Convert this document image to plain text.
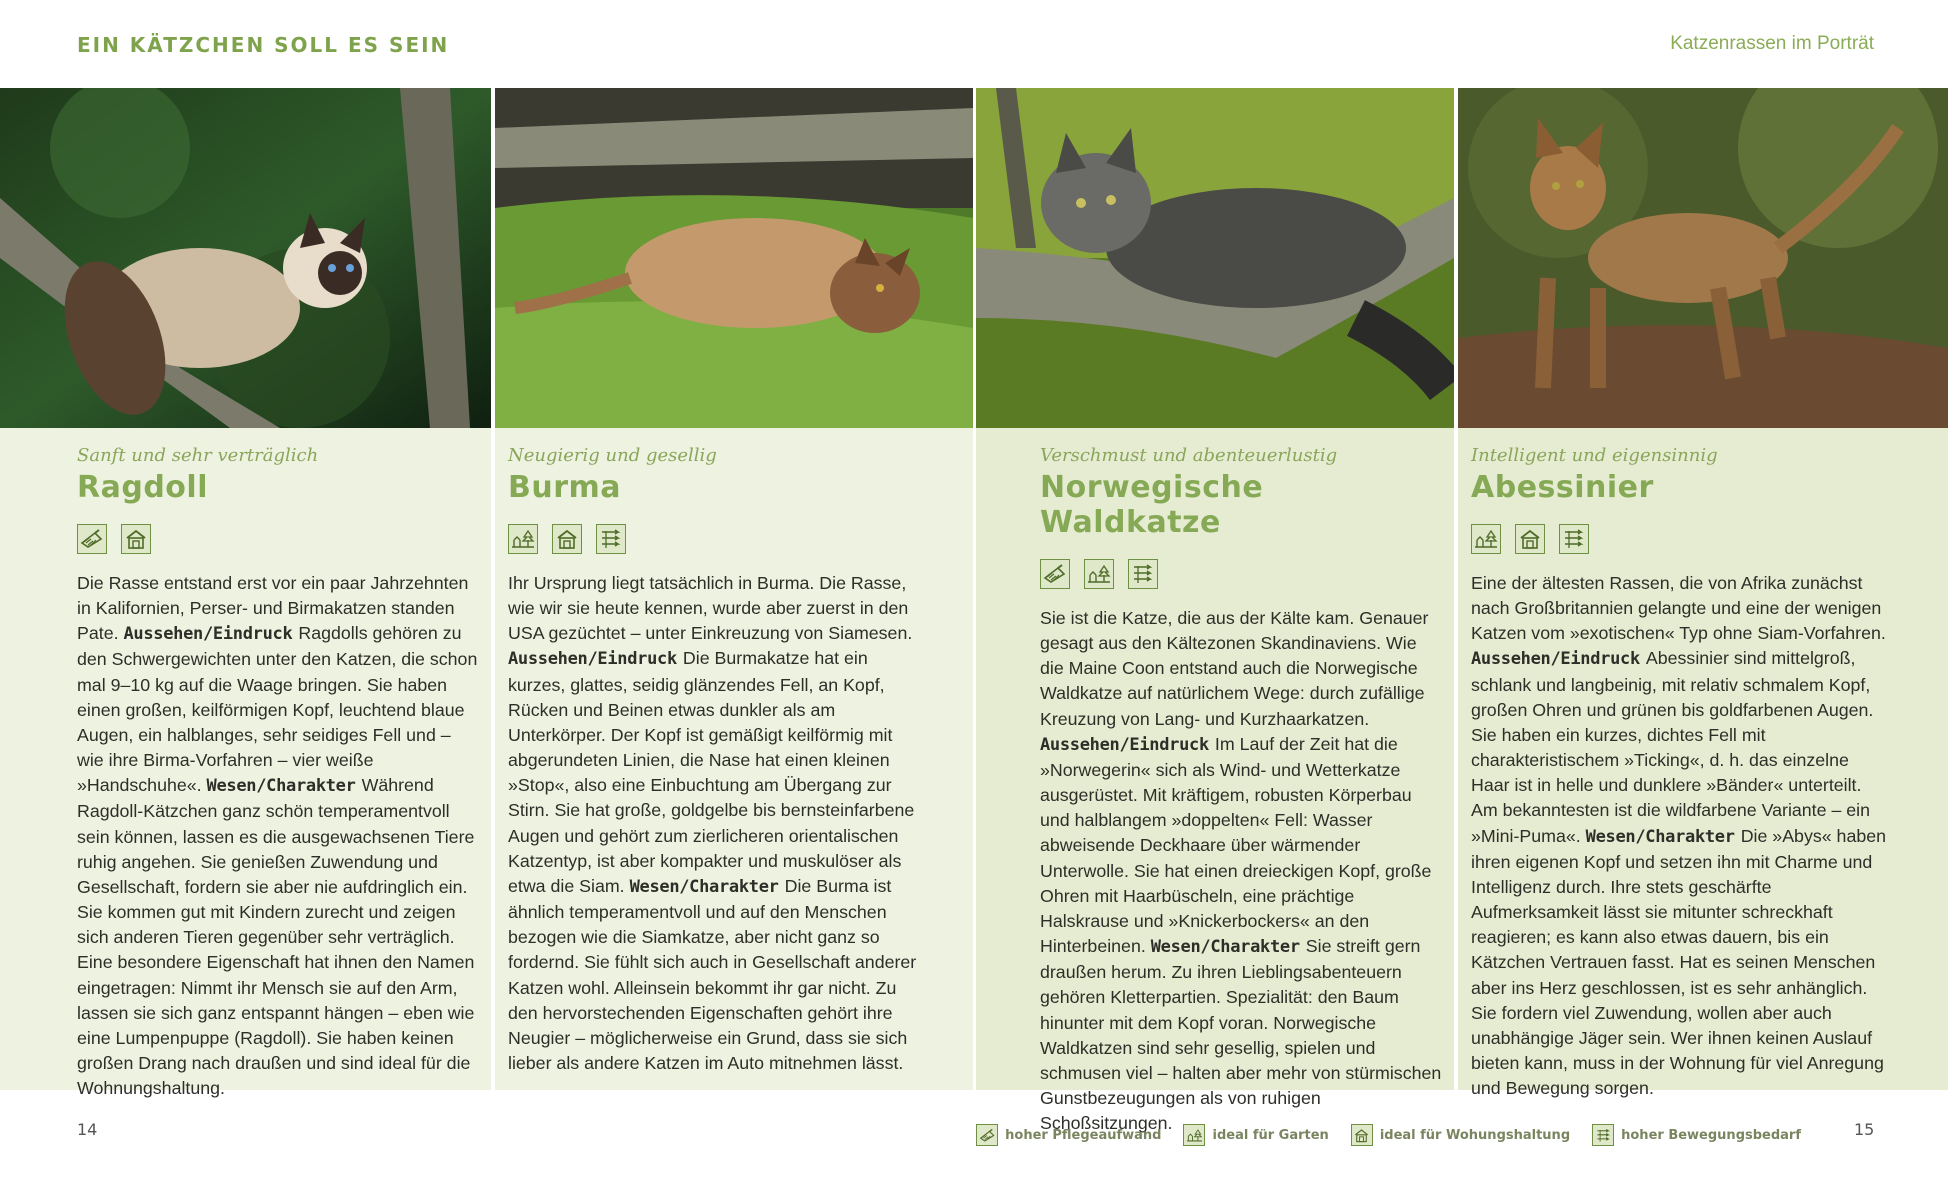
EIN KÄTZCHEN SOLL ES SEIN	Katzenrassen im Porträt
Sanft und sehr verträglich
Ragdoll

Die Rasse entstand erst vor ein paar Jahrzehnten in Kalifornien, Perser- und Birmakatzen standen Pate. Aussehen/Eindruck Ragdolls gehören zu den Schwergewichten unter den Katzen, die schon mal 9–10 kg auf die Waage bringen. Sie haben einen großen, keilförmigen Kopf, leuchtend blaue Augen, ein halblanges, sehr seidiges Fell und – wie ihre Birma-Vorfahren – vier weiße »Handschuhe«. Wesen/Charakter Während Ragdoll-Kätzchen ganz schön temperamentvoll sein können, lassen es die ausgewachsenen Tiere ruhig angehen. Sie genießen Zuwendung und Gesellschaft, fordern sie aber nie aufdringlich ein. Sie kommen gut mit Kindern zurecht und zeigen sich anderen Tieren gegenüber sehr verträglich. Eine besondere Eigenschaft hat ihnen den Namen eingetragen: Nimmt ihr Mensch sie auf den Arm, lassen sie sich ganz entspannt hängen – eben wie eine Lumpenpuppe (Ragdoll). Sie haben keinen großen Drang nach draußen und sind ideal für die Wohnungshaltung.

Neugierig und gesellig
Burma

Ihr Ursprung liegt tatsächlich in Burma. Die Rasse, wie wir sie heute kennen, wurde aber zuerst in den USA gezüchtet – unter Einkreuzung von Siamesen. Aussehen/Eindruck Die Burmakatze hat ein kurzes, glattes, seidig glänzendes Fell, an Kopf, Rücken und Beinen etwas dunkler als am Unterkörper. Der Kopf ist gemäßigt keilförmig mit abgerundeten Linien, die Nase hat einen kleinen »Stop«, also eine Einbuchtung am Übergang zur Stirn. Sie hat große, goldgelbe bis bernsteinfarbene Augen und gehört zum zierlicheren orientalischen Katzentyp, ist aber kompakter und muskulöser als etwa die Siam. Wesen/Charakter Die Burma ist ähnlich temperamentvoll und auf den Menschen bezogen wie die Siamkatze, aber nicht ganz so fordernd. Sie fühlt sich auch in Gesellschaft anderer Katzen wohl. Alleinsein bekommt ihr gar nicht. Zu den hervorstechenden Eigenschaften gehört ihre Neugier – möglicherweise ein Grund, dass sie sich lieber als andere Katzen im Auto mitnehmen lässt.

Verschmust und abenteuerlustig
Norwegische Waldkatze

Sie ist die Katze, die aus der Kälte kam. Genauer gesagt aus den Kältezonen Skandinaviens. Wie die Maine Coon entstand auch die Norwegische Waldkatze auf natürlichem Wege: durch zufällige Kreuzung von Lang- und Kurzhaarkatzen. Aussehen/Eindruck Im Lauf der Zeit hat die »Norwegerin« sich als Wind- und Wetterkatze ausgerüstet. Mit kräftigem, robusten Körperbau und halblangem »doppelten« Fell: Wasser abweisende Deckhaare über wärmender Unterwolle. Sie hat einen dreieckigen Kopf, große Ohren mit Haarbüscheln, eine prächtige Halskrause und »Knickerbockers« an den Hinterbeinen. Wesen/Charakter Sie streift gern draußen herum. Zu ihren Lieblingsabenteuern gehören Kletterpartien. Spezialität: den Baum hinunter mit dem Kopf voran. Norwegische Waldkatzen sind sehr gesellig, spielen und schmusen viel – halten aber mehr von stürmischen Gunstbezeugungen als von ruhigen Schoßsitzungen.

Intelligent und eigensinnig
Abessinier

Eine der ältesten Rassen, die von Afrika zunächst nach Großbritannien gelangte und eine der wenigen Katzen vom »exotischen« Typ ohne Siam-Vorfahren. Aussehen/Eindruck Abessinier sind mittelgroß, schlank und langbeinig, mit relativ schmalem Kopf, großen Ohren und grünen bis goldfarbenen Augen. Sie haben ein kurzes, dichtes Fell mit charakteristischem »Ticking«, d. h. das einzelne Haar ist in helle und dunklere »Bänder« unterteilt. Am bekanntesten ist die wildfarbene Variante – ein »Mini-Puma«. Wesen/Charakter Die »Abys« haben ihren eigenen Kopf und setzen ihn mit Charme und Intelligenz durch. Ihre stets geschärfte Aufmerksamkeit lässt sie mitunter schreckhaft reagieren; es kann also etwas dauern, bis ein Kätzchen Vertrauen fasst. Hat es seinen Menschen aber ins Herz geschlossen, ist es sehr anhänglich. Sie fordern viel Zuwendung, wollen aber auch unabhängige Jäger sein. Wer ihnen keinen Auslauf bieten kann, muss in der Wohnung für viel Anregung und Bewegung sorgen.

14	15
hoher Pflegeaufwand	ideal für Garten	ideal für Wohungshaltung	hoher Bewegungsbedarf
